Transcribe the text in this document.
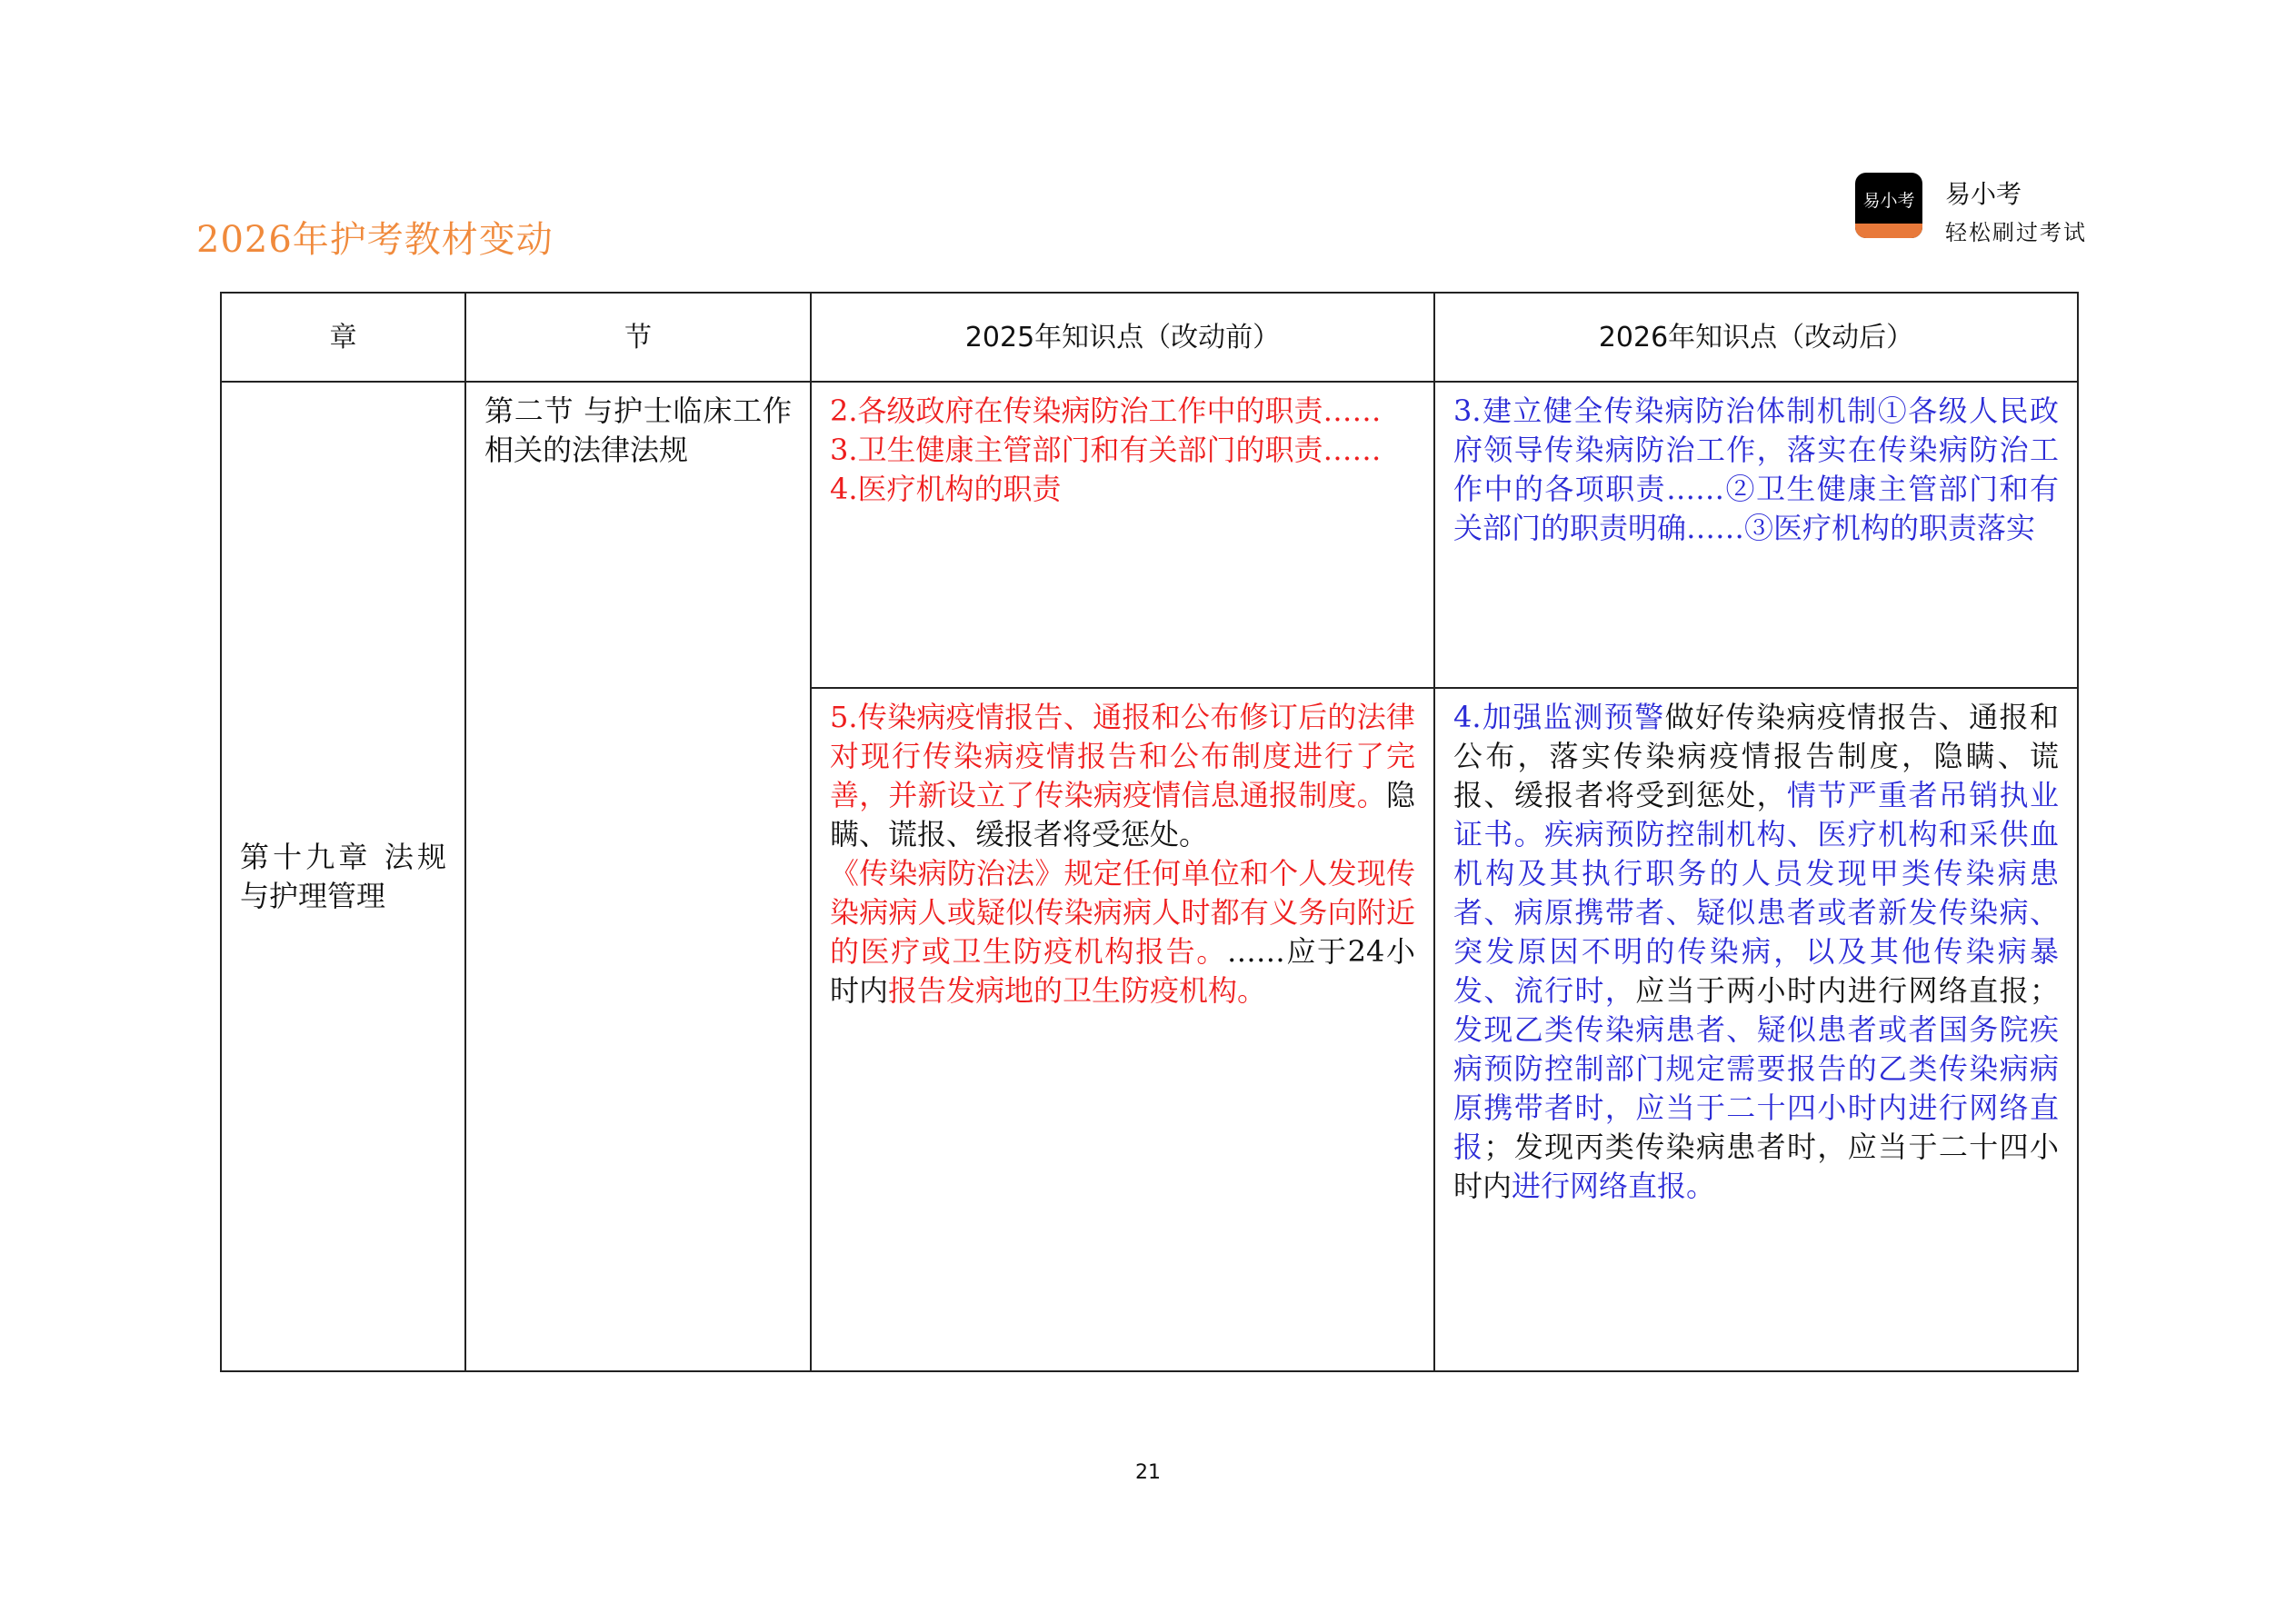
2026年护考教材变动
易小考	易小考
轻松刷过考试
章	节	2025年知识点（改动前）	2026年知识点（改动后）
第十九章 法规与护理管理	第二节 与护士临床工作相关的法律法规	2.各级政府在传染病防治工作中的职责……
3.卫生健康主管部门和有关部门的职责……
4.医疗机构的职责	3.建立健全传染病防治体制机制①各级人民政府领导传染病防治工作，落实在传染病防治工作中的各项职责……②卫生健康主管部门和有关部门的职责明确……③医疗机构的职责落实
		5.传染病疫情报告、通报和公布修订后的法律对现行传染病疫情报告和公布制度进行了完善，并新设立了传染病疫情信息通报制度。隐瞒、谎报、缓报者将受惩处。
《传染病防治法》规定任何单位和个人发现传染病病人或疑似传染病病人时都有义务向附近的医疗或卫生防疫机构报告。……应于24小时内报告发病地的卫生防疫机构。	4.加强监测预警做好传染病疫情报告、通报和公布，落实传染病疫情报告制度，隐瞒、谎报、缓报者将受到惩处，情节严重者吊销执业证书。疾病预防控制机构、医疗机构和采供血机构及其执行职务的人员发现甲类传染病患者、病原携带者、疑似患者或者新发传染病、突发原因不明的传染病，以及其他传染病暴发、流行时，应当于两小时内进行网络直报；发现乙类传染病患者、疑似患者或者国务院疾病预防控制部门规定需要报告的乙类传染病病原携带者时，应当于二十四小时内进行网络直报；发现丙类传染病患者时，应当于二十四小时内进行网络直报。
21
